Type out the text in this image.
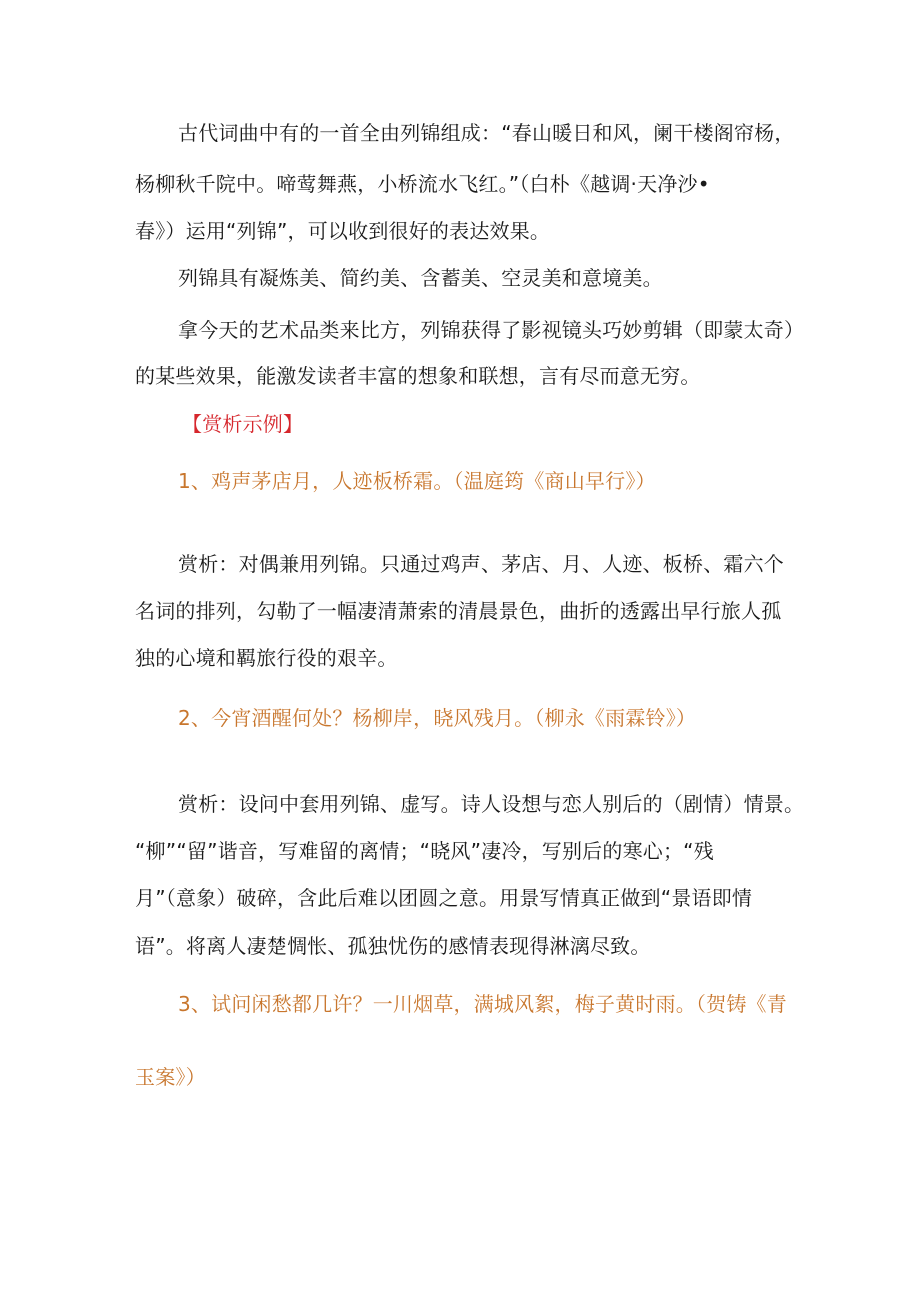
古代词曲中有的一首全由列锦组成：“春山暖日和风，阑干楼阁帘杨，
杨柳秋千院中。啼莺舞燕，小桥流水飞红。”（白朴《越调·天净沙•
春》）运用“列锦”，可以收到很好的表达效果。
列锦具有凝炼美、简约美、含蓄美、空灵美和意境美。
拿今天的艺术品类来比方，列锦获得了影视镜头巧妙剪辑（即蒙太奇）
的某些效果，能激发读者丰富的想象和联想，言有尽而意无穷。
【赏析示例】
1、鸡声茅店月，人迹板桥霜。（温庭筠《商山早行》）
赏析：对偶兼用列锦。只通过鸡声、茅店、月、人迹、板桥、霜六个
名词的排列，勾勒了一幅凄清萧索的清晨景色，曲折的透露出早行旅人孤
独的心境和羁旅行役的艰辛。
2、今宵酒醒何处？杨柳岸，晓风残月。（柳永《雨霖铃》）
赏析：设问中套用列锦、虚写。诗人设想与恋人别后的（剧情）情景。
“柳”“留”谐音，写难留的离情；“晓风”凄冷，写别后的寒心；“残
月”（意象）破碎，含此后难以团圆之意。用景写情真正做到“景语即情
语”。将离人凄楚惆怅、孤独忧伤的感情表现得淋漓尽致。
3、试问闲愁都几许？一川烟草，满城风絮，梅子黄时雨。（贺铸《青
玉案》）
